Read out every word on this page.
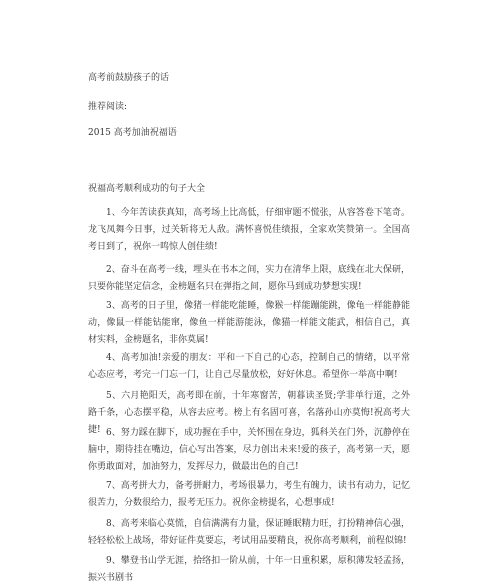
高考前鼓励孩子的话
推荐阅读:
2015 高考加油祝福语
祝福高考顺利成功的句子大全

1、今年苦读获真知，高考场上比高低，仔细审题不慌张，从容答卷下笔奇。龙飞凤舞今日事，过关斩将无人敌。满怀喜悦佳绩报，全家欢笑赞第一。全国高考日到了，祝你一鸣惊人创佳绩!

2、奋斗在高考一线，埋头在书本之间，实力在清华上限，底线在北大保研，只要你能坚定信念，金榜题名只在弹指之间，愿你马到成功梦想实现!

3、高考的日子里，像猪一样能吃能睡，像猴一样能蹦能跳，像龟一样能静能动，像鼠一样能钻能窜，像鱼一样能游能泳，像猫一样能文能武，相信自己，真材实料，金榜题名，非你莫属!

4、高考加油!亲爱的朋友：平和一下自己的心态，控制自己的情绪，以平常心态应考，考完一门忘一门，让自己尽量放松，好好休息。希望你一举高中啊!

5、六月艳阳天，高考即在前，十年寒窗苦，朝暮读圣贤;学非单行道，之外路千条，心态摆平稳，从容去应考。榜上有名固可喜，名落孙山亦莫悔!祝高考大捷! 6、努力踩在脚下，成功握在手中，关怀围在身边，狐科关在门外，沉静停在脑中，期待挂在嘴边，信心写出答案，尽力创出未来!爱的孩子，高考第一天，愿你勇敢面对，加油努力，发挥尽力，做最出色的自己!

7、高考拼大力，备考拼耐力，考场很暴力，考生有魄力，读书有动力，记忆很苦力，分数很给力，报考无压力。祝你金榜提名，心想事成!

8、高考来临心莫慌，自信满满有力量，保证睡眠精力旺，打扮精神信心强，轻轻松松上战场，带好证件莫要忘，考试用品要精良，祝你高考顺利，前程似锦!

9、攀登书山学无涯，拾络扣一阶从前，十年一日重积累，原积薄发轻孟扬，振兴书剧书
